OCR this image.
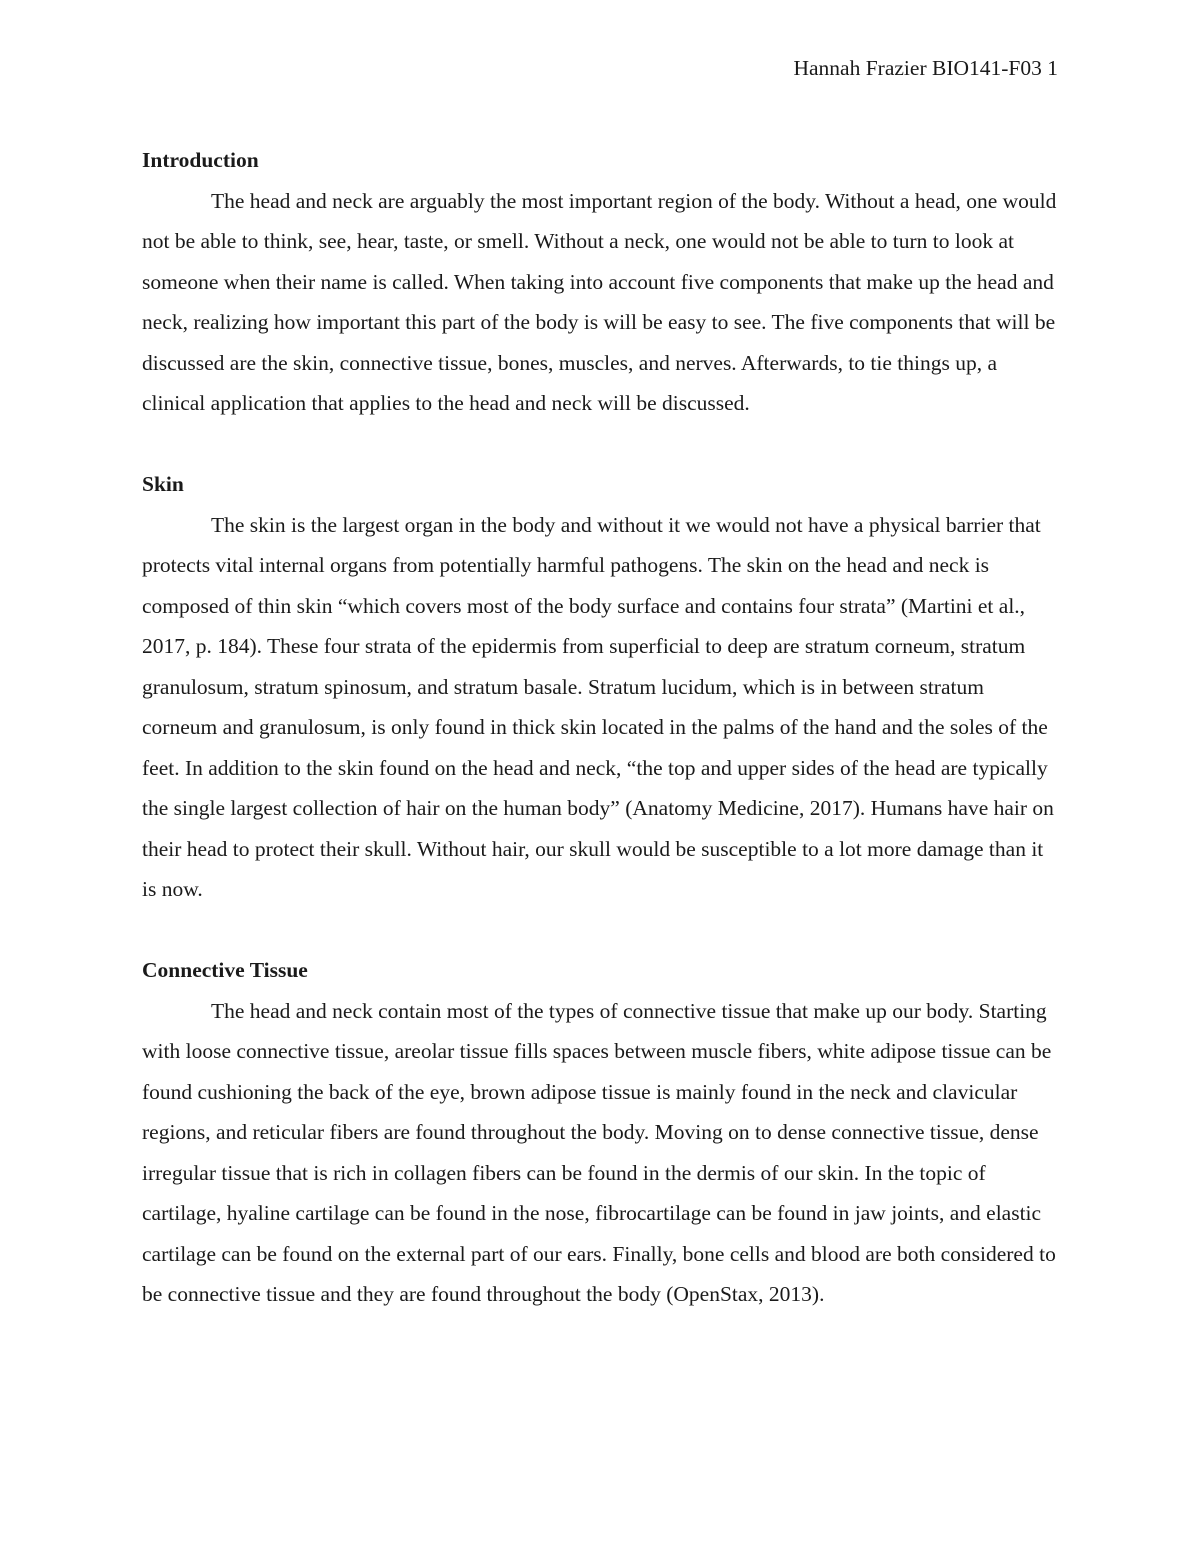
Hannah Frazier BIO141-F03 1
Introduction

The head and neck are arguably the most important region of the body. Without a head, one would not be able to think, see, hear, taste, or smell. Without a neck, one would not be able to turn to look at someone when their name is called. When taking into account five components that make up the head and neck, realizing how important this part of the body is will be easy to see. The five components that will be discussed are the skin, connective tissue, bones, muscles, and nerves. Afterwards, to tie things up, a clinical application that applies to the head and neck will be discussed.

Skin

The skin is the largest organ in the body and without it we would not have a physical barrier that protects vital internal organs from potentially harmful pathogens. The skin on the head and neck is composed of thin skin “which covers most of the body surface and contains four strata” (Martini et al., 2017, p. 184). These four strata of the epidermis from superficial to deep are stratum corneum, stratum granulosum, stratum spinosum, and stratum basale. Stratum lucidum, which is in between stratum corneum and granulosum, is only found in thick skin located in the palms of the hand and the soles of the feet. In addition to the skin found on the head and neck, “the top and upper sides of the head are typically the single largest collection of hair on the human body” (Anatomy Medicine, 2017). Humans have hair on their head to protect their skull. Without hair, our skull would be susceptible to a lot more damage than it is now.

Connective Tissue

The head and neck contain most of the types of connective tissue that make up our body. Starting with loose connective tissue, areolar tissue fills spaces between muscle fibers, white adipose tissue can be found cushioning the back of the eye, brown adipose tissue is mainly found in the neck and clavicular regions, and reticular fibers are found throughout the body. Moving on to dense connective tissue, dense irregular tissue that is rich in collagen fibers can be found in the dermis of our skin. In the topic of cartilage, hyaline cartilage can be found in the nose, fibrocartilage can be found in jaw joints, and elastic cartilage can be found on the external part of our ears. Finally, bone cells and blood are both considered to be connective tissue and they are found throughout the body (OpenStax, 2013).
